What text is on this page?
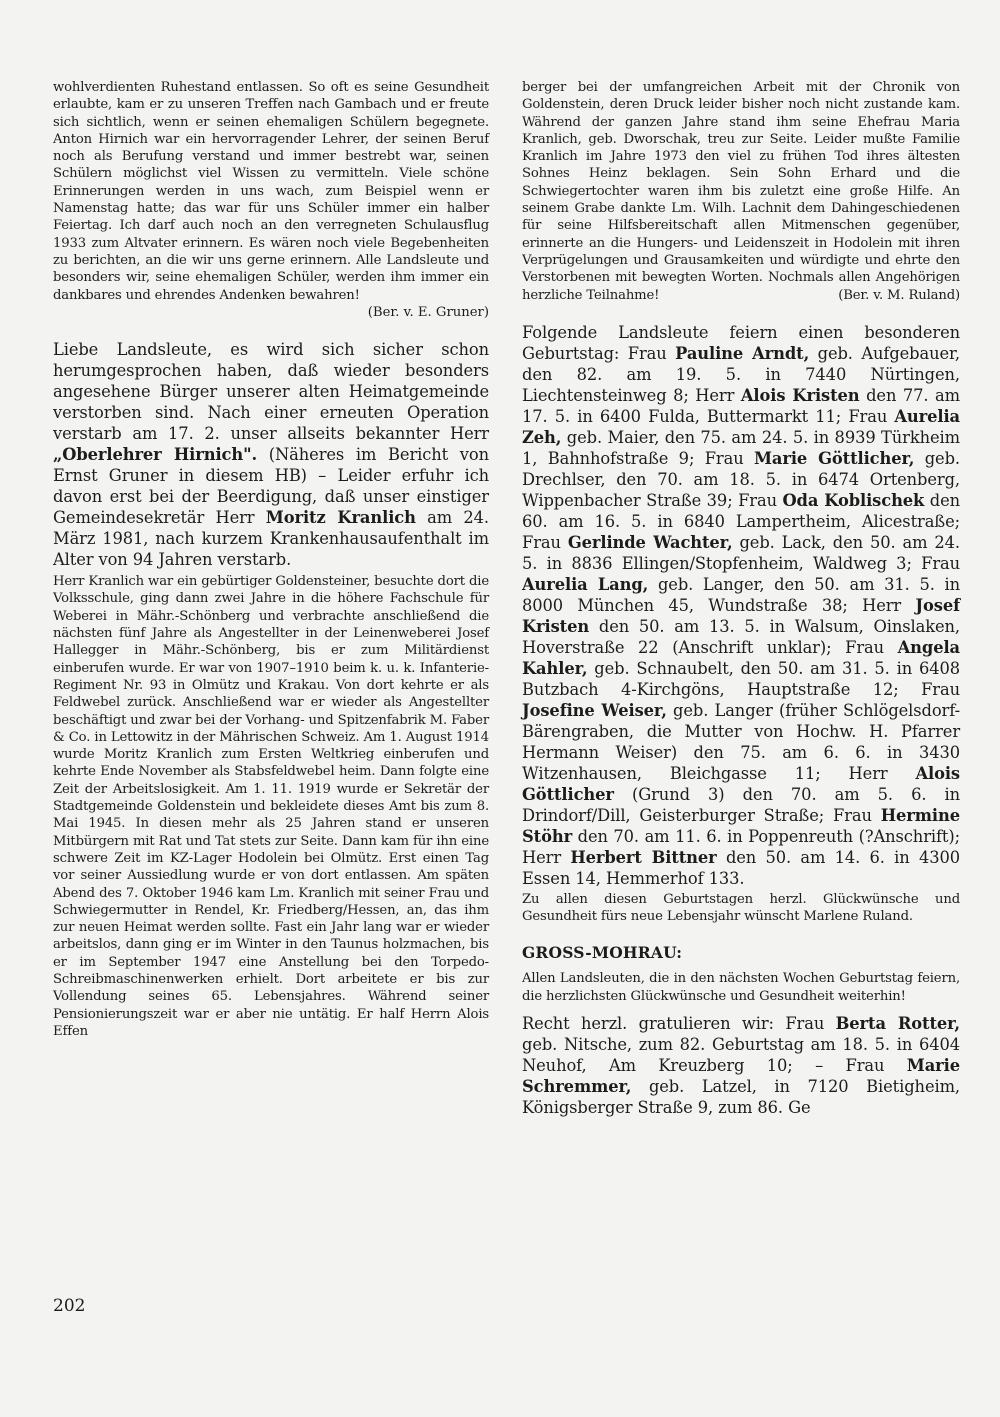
wohlverdienten Ruhestand entlassen. So oft es seine Gesundheit erlaubte, kam er zu unseren Treffen nach Gambach und er freute sich sichtlich, wenn er seinen ehemaligen Schülern begegnete. Anton Hirnich war ein hervorragender Lehrer, der seinen Beruf noch als Berufung verstand und immer bestrebt war, seinen Schülern möglichst viel Wissen zu vermitteln. Viele schöne Erinnerungen werden in uns wach, zum Beispiel wenn er Namenstag hatte; das war für uns Schüler immer ein halber Feiertag. Ich darf auch noch an den verregneten Schulausflug 1933 zum Altvater erinnern. Es wären noch viele Begebenheiten zu berichten, an die wir uns gerne erinnern. Alle Landsleute und besonders wir, seine ehemaligen Schüler, werden ihm immer ein dankbares und ehrendes Andenken bewahren!

(Ber. v. E. Gruner)

Liebe Landsleute, es wird sich sicher schon herumgesprochen haben, daß wieder besonders angesehene Bürger unserer alten Heimatgemeinde verstorben sind. Nach einer erneuten Operation verstarb am 17. 2. unser allseits bekannter Herr „Oberlehrer Hirnich". (Näheres im Bericht von Ernst Gruner in diesem HB) – Leider erfuhr ich davon erst bei der Beerdigung, daß unser einstiger Gemeindesekretär Herr Moritz Kranlich am 24. März 1981, nach kurzem Krankenhausaufenthalt im Alter von 94 Jahren verstarb.

Herr Kranlich war ein gebürtiger Goldensteiner, besuchte dort die Volksschule, ging dann zwei Jahre in die höhere Fachschule für Weberei in Mähr.-Schönberg und verbrachte anschließend die nächsten fünf Jahre als Angestellter in der Leinenweberei Josef Hallegger in Mähr.-Schönberg, bis er zum Militärdienst einberufen wurde. Er war von 1907–1910 beim k. u. k. Infanterie-Regiment Nr. 93 in Olmütz und Krakau. Von dort kehrte er als Feldwebel zurück. Anschließend war er wieder als Angestellter beschäftigt und zwar bei der Vorhang- und Spitzenfabrik M. Faber & Co. in Lettowitz in der Mährischen Schweiz. Am 1. August 1914 wurde Moritz Kranlich zum Ersten Weltkrieg einberufen und kehrte Ende November als Stabsfeldwebel heim. Dann folgte eine Zeit der Arbeitslosigkeit. Am 1. 11. 1919 wurde er Sekretär der Stadtgemeinde Goldenstein und bekleidete dieses Amt bis zum 8. Mai 1945. In diesen mehr als 25 Jahren stand er unseren Mitbürgern mit Rat und Tat stets zur Seite. Dann kam für ihn eine schwere Zeit im KZ-Lager Hodolein bei Olmütz. Erst einen Tag vor seiner Aussiedlung wurde er von dort entlassen. Am späten Abend des 7. Oktober 1946 kam Lm. Kranlich mit seiner Frau und Schwiegermutter in Rendel, Kr. Friedberg/Hessen, an, das ihm zur neuen Heimat werden sollte. Fast ein Jahr lang war er wieder arbeitslos, dann ging er im Winter in den Taunus holzmachen, bis er im September 1947 eine Anstellung bei den Torpedo-Schreibmaschinenwerken erhielt. Dort arbeitete er bis zur Vollendung seines 65. Lebensjahres. Während seiner Pensionierungszeit war er aber nie untätig. Er half Herrn Alois Effen

berger bei der umfangreichen Arbeit mit der Chronik von Goldenstein, deren Druck leider bisher noch nicht zustande kam. Während der ganzen Jahre stand ihm seine Ehefrau Maria Kranlich, geb. Dworschak, treu zur Seite. Leider mußte Familie Kranlich im Jahre 1973 den viel zu frühen Tod ihres ältesten Sohnes Heinz beklagen. Sein Sohn Erhard und die Schwiegertochter waren ihm bis zuletzt eine große Hilfe. An seinem Grabe dankte Lm. Wilh. Lachnit dem Dahingeschiedenen für seine Hilfsbereitschaft allen Mitmenschen gegenüber, erinnerte an die Hungers- und Leidenszeit in Hodolein mit ihren Verprügelungen und Grausamkeiten und würdigte und ehrte den Verstorbenen mit bewegten Worten. Nochmals allen Angehörigen herzliche Teilnahme!	(Ber. v. M. Ruland)

Folgende Landsleute feiern einen besonderen Geburtstag: Frau Pauline Arndt, geb. Aufgebauer, den 82. am 19. 5. in 7440 Nürtingen, Liechtensteinweg 8; Herr Alois Kristen den 77. am 17. 5. in 6400 Fulda, Buttermarkt 11; Frau Aurelia Zeh, geb. Maier, den 75. am 24. 5. in 8939 Türkheim 1, Bahnhofstraße 9; Frau Marie Göttlicher, geb. Drechlser, den 70. am 18. 5. in 6474 Ortenberg, Wippenbacher Straße 39; Frau Oda Koblischek den 60. am 16. 5. in 6840 Lampertheim, Alicestraße; Frau Gerlinde Wachter, geb. Lack, den 50. am 24. 5. in 8836 Ellingen/Stopfenheim, Waldweg 3; Frau Aurelia Lang, geb. Langer, den 50. am 31. 5. in 8000 München 45, Wundstraße 38; Herr Josef Kristen den 50. am 13. 5. in Walsum, Oinslaken, Hoverstraße 22 (Anschrift unklar); Frau Angela Kahler, geb. Schnaubelt, den 50. am 31. 5. in 6408 Butzbach 4-Kirchgöns, Hauptstraße 12; Frau Josefine Weiser, geb. Langer (früher Schlögelsdorf-Bärengraben, die Mutter von Hochw. H. Pfarrer Hermann Weiser) den 75. am 6. 6. in 3430 Witzenhausen, Bleichgasse 11; Herr Alois Göttlicher (Grund 3) den 70. am 5. 6. in Drindorf/Dill, Geisterburger Straße; Frau Hermine Stöhr den 70. am 11. 6. in Poppenreuth (?Anschrift); Herr Herbert Bittner den 50. am 14. 6. in 4300 Essen 14, Hemmerhof 133.

Zu allen diesen Geburtstagen herzl. Glückwünsche und Gesundheit fürs neue Lebensjahr wünscht Marlene Ruland.

GROSS-MOHRAU:

Allen Landsleuten, die in den nächsten Wochen Geburtstag feiern, die herzlichsten Glückwünsche und Gesundheit weiterhin!

Recht herzl. gratulieren wir: Frau Berta Rotter, geb. Nitsche, zum 82. Geburtstag am 18. 5. in 6404 Neuhof, Am Kreuzberg 10; – Frau Marie Schremmer, geb. Latzel, in 7120 Bietigheim, Königsberger Straße 9, zum 86. Ge

202
